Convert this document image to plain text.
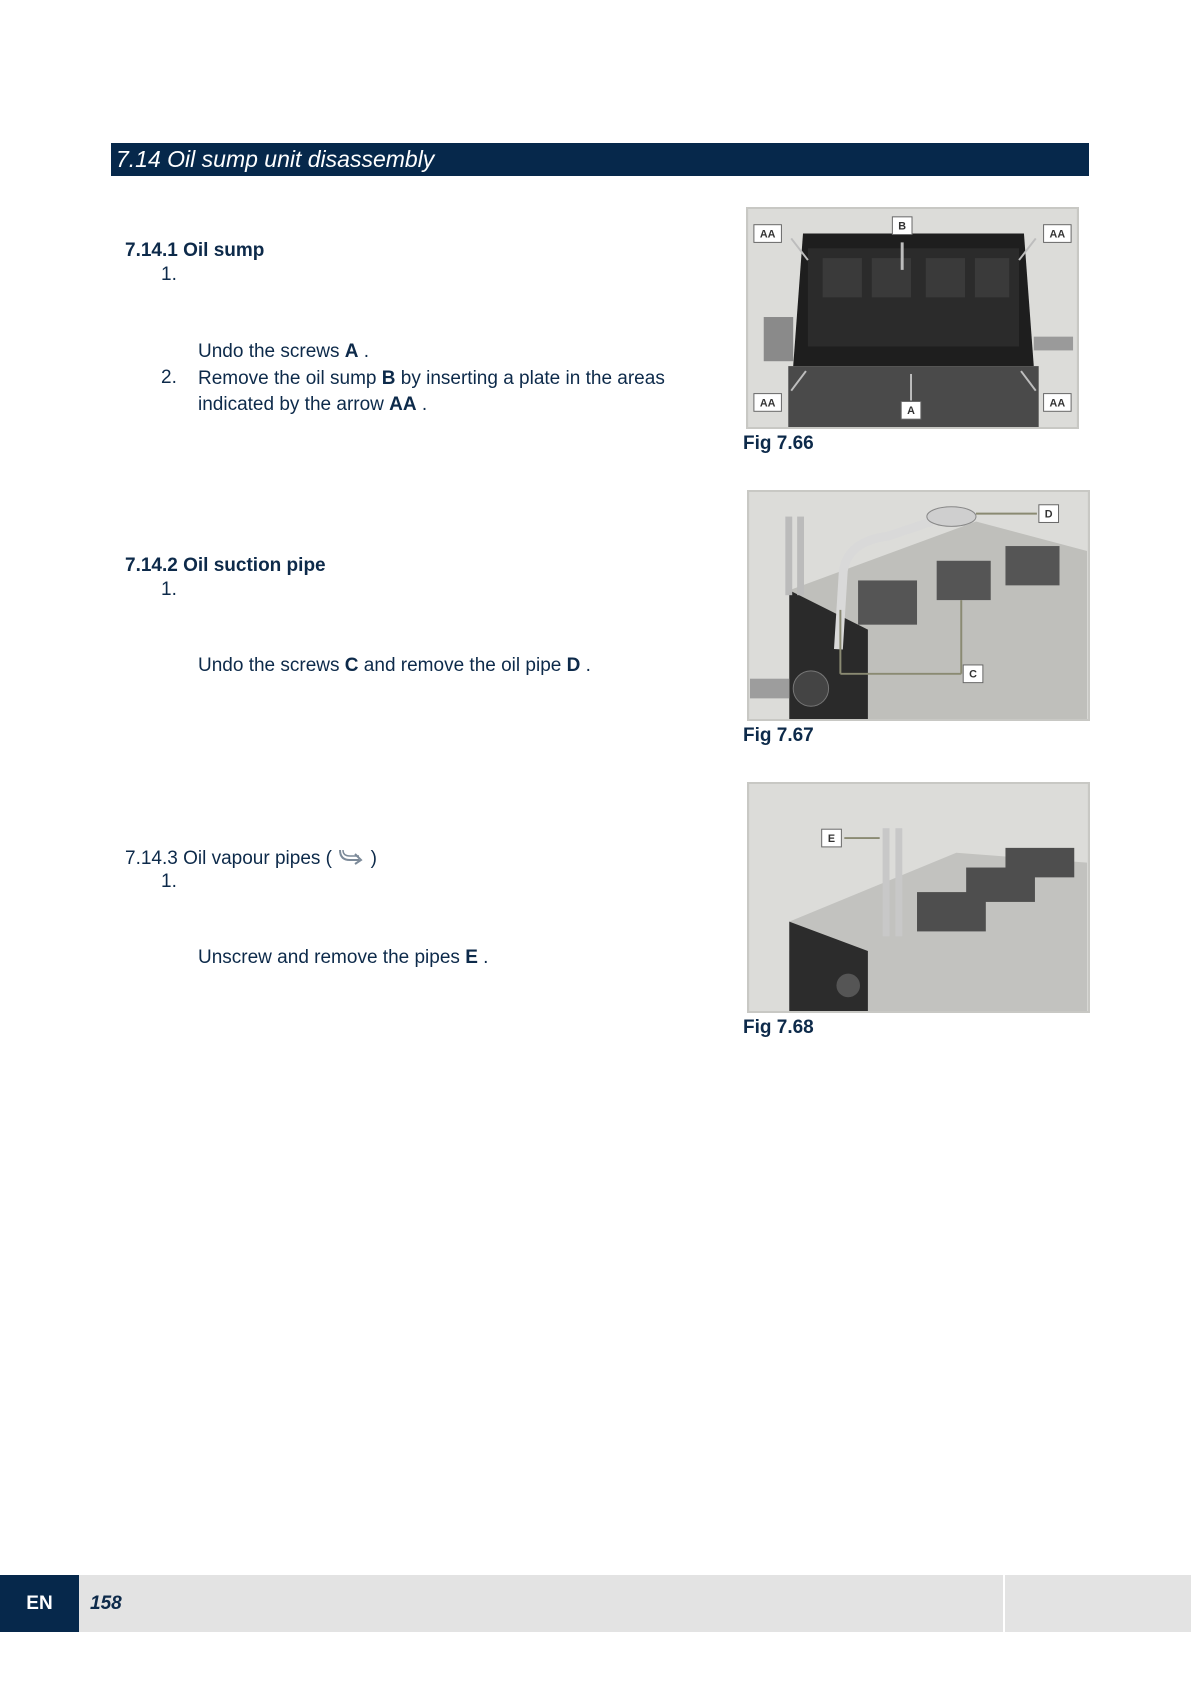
7.14 Oil sump unit disassembly
7.14.1 Oil sump
1.
Undo the screws A .
2. Remove the oil sump B by inserting a plate in the areas indicated by the arrow AA .
AA
B
AA
AA
A
AA
Fig 7.66
7.14.2 Oil suction pipe
1.
Undo the screws C and remove the oil pipe D .
D
C
Fig 7.67
7.14.3 Oil vapour pipes (  )
1.
Unscrew and remove the pipes E .
E
Fig 7.68
EN	158
